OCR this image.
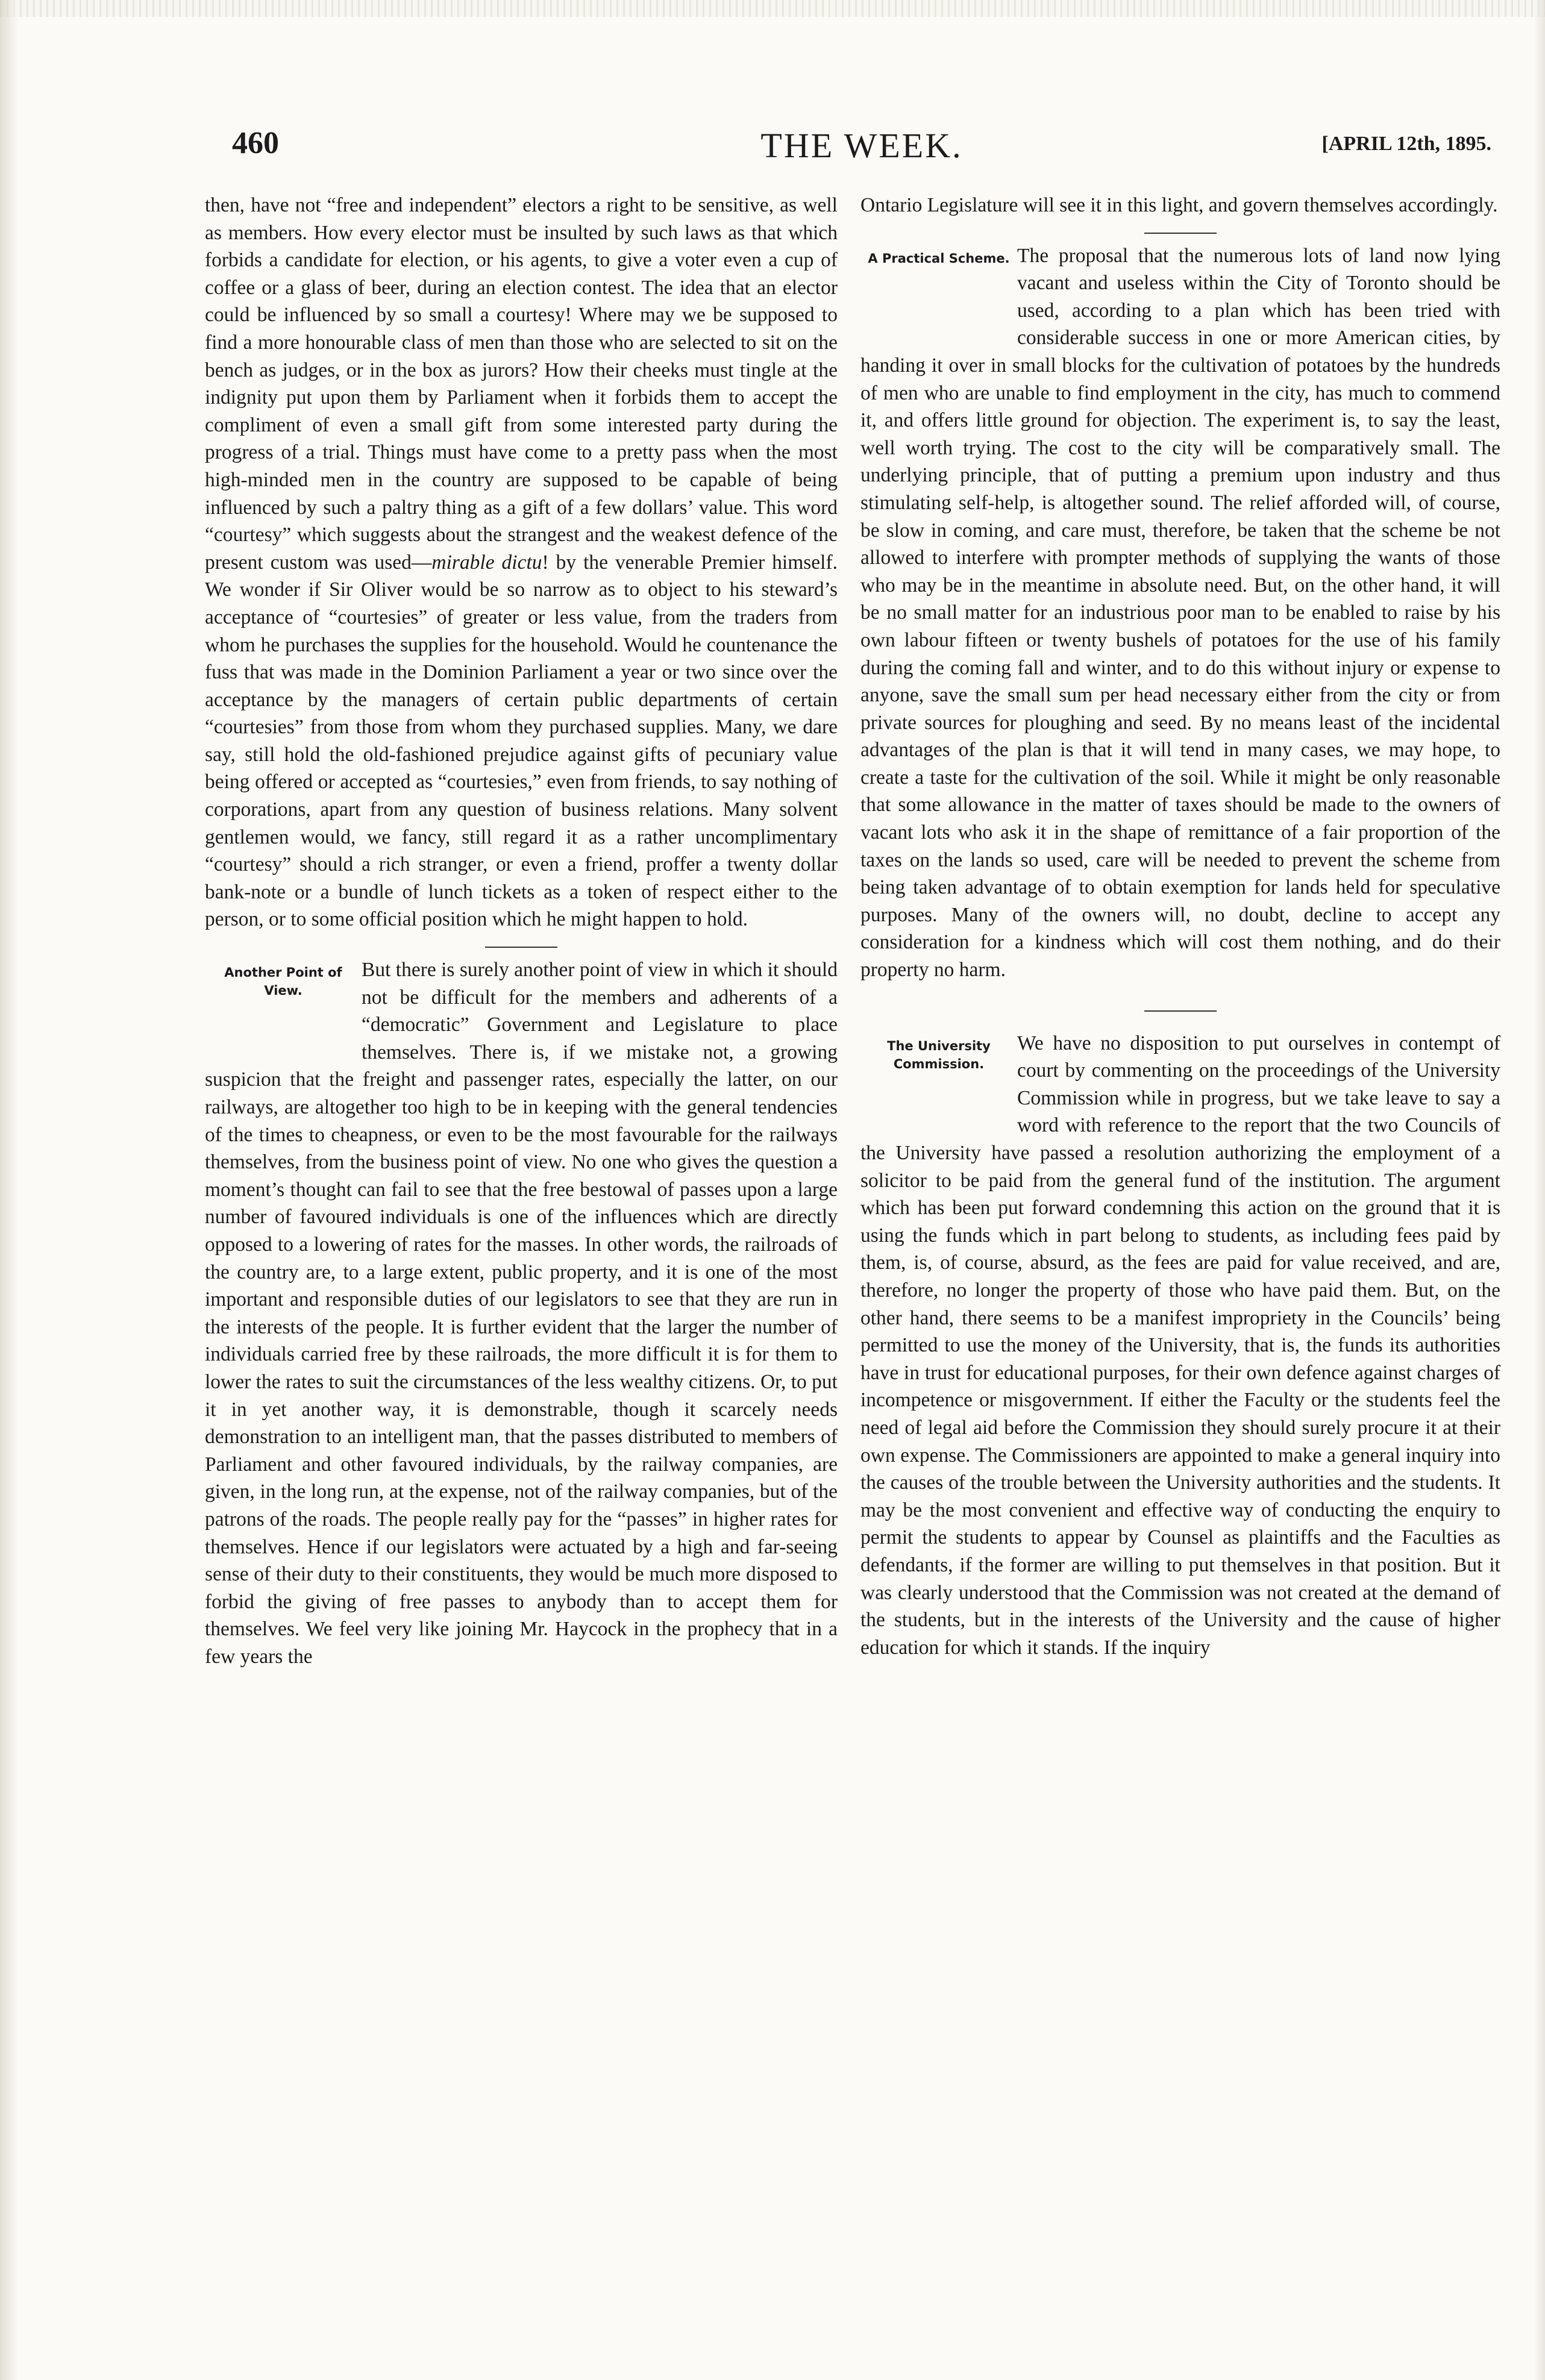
460	THE WEEK.	[APRIL 12th, 1895.

then, have not “free and independent” electors a right to be sensitive, as well as members. How every elector must be insulted by such laws as that which forbids a candidate for election, or his agents, to give a voter even a cup of coffee or a glass of beer, during an election contest. The idea that an elector could be influenced by so small a courtesy! Where may we be supposed to find a more honourable class of men than those who are selected to sit on the bench as judges, or in the box as jurors? How their cheeks must tingle at the indignity put upon them by Parliament when it forbids them to accept the compliment of even a small gift from some interested party during the progress of a trial. Things must have come to a pretty pass when the most high-minded men in the country are supposed to be capable of being influenced by such a paltry thing as a gift of a few dollars’ value. This word “courtesy” which suggests about the strangest and the weakest defence of the present custom was used—mirable dictu! by the venerable Premier himself. We wonder if Sir Oliver would be so narrow as to object to his steward’s acceptance of “courtesies” of greater or less value, from the traders from whom he purchases the supplies for the household. Would he countenance the fuss that was made in the Dominion Parliament a year or two since over the acceptance by the managers of certain public departments of certain “courtesies” from those from whom they purchased supplies. Many, we dare say, still hold the old-fashioned prejudice against gifts of pecuniary value being offered or accepted as “courtesies,” even from friends, to say nothing of corporations, apart from any question of business relations. Many solvent gentlemen would, we fancy, still regard it as a rather uncomplimentary “courtesy” should a rich stranger, or even a friend, proffer a twenty dollar bank-note or a bundle of lunch tickets as a token of respect either to the person, or to some official position which he might happen to hold.

Another Point of View.

But there is surely another point of view in which it should not be difficult for the members and adherents of a “democratic” Government and Legislature to place themselves. There is, if we mistake not, a growing suspicion that the freight and passenger rates, especially the latter, on our railways, are altogether too high to be in keeping with the general tendencies of the times to cheapness, or even to be the most favourable for the railways themselves, from the business point of view. No one who gives the question a moment’s thought can fail to see that the free bestowal of passes upon a large number of favoured individuals is one of the influences which are directly opposed to a lowering of rates for the masses. In other words, the railroads of the country are, to a large extent, public property, and it is one of the most important and responsible duties of our legislators to see that they are run in the interests of the people. It is further evident that the larger the number of individuals carried free by these railroads, the more difficult it is for them to lower the rates to suit the circumstances of the less wealthy citizens. Or, to put it in yet another way, it is demonstrable, though it scarcely needs demonstration to an intelligent man, that the passes distributed to members of Parliament and other favoured individuals, by the railway companies, are given, in the long run, at the expense, not of the railway companies, but of the patrons of the roads. The people really pay for the “passes” in higher rates for themselves. Hence if our legislators were actuated by a high and far-seeing sense of their duty to their constituents, they would be much more disposed to forbid the giving of free passes to anybody than to accept them for themselves. We feel very like joining Mr. Haycock in the prophecy that in a few years the

Ontario Legislature will see it in this light, and govern themselves accordingly.

A Practical Scheme. The proposal that the numerous lots of land now lying vacant and useless within the City of Toronto should be used, according to a plan which has been tried with considerable success in one or more American cities, by handing it over in small blocks for the cultivation of potatoes by the hundreds of men who are unable to find employment in the city, has much to commend it, and offers little ground for objection. The experiment is, to say the least, well worth trying. The cost to the city will be comparatively small. The underlying principle, that of putting a premium upon industry and thus stimulating self-help, is altogether sound. The relief afforded will, of course, be slow in coming, and care must, therefore, be taken that the scheme be not allowed to interfere with prompter methods of supplying the wants of those who may be in the meantime in absolute need. But, on the other hand, it will be no small matter for an industrious poor man to be enabled to raise by his own labour fifteen or twenty bushels of potatoes for the use of his family during the coming fall and winter, and to do this without injury or expense to anyone, save the small sum per head necessary either from the city or from private sources for ploughing and seed. By no means least of the incidental advantages of the plan is that it will tend in many cases, we may hope, to create a taste for the cultivation of the soil. While it might be only reasonable that some allowance in the matter of taxes should be made to the owners of vacant lots who ask it in the shape of remittance of a fair proportion of the taxes on the lands so used, care will be needed to prevent the scheme from being taken advantage of to obtain exemption for lands held for speculative purposes. Many of the owners will, no doubt, decline to accept any consideration for a kindness which will cost them nothing, and do their property no harm.

The University Commission.

We have no disposition to put ourselves in contempt of court by commenting on the proceedings of the University Commission while in progress, but we take leave to say a word with reference to the report that the two Councils of the University have passed a resolution authorizing the employment of a solicitor to be paid from the general fund of the institution. The argument which has been put forward condemning this action on the ground that it is using the funds which in part belong to students, as including fees paid by them, is, of course, absurd, as the fees are paid for value received, and are, therefore, no longer the property of those who have paid them. But, on the other hand, there seems to be a manifest impropriety in the Councils’ being permitted to use the money of the University, that is, the funds its authorities have in trust for educational purposes, for their own defence against charges of incompetence or misgovernment. If either the Faculty or the students feel the need of legal aid before the Commission they should surely procure it at their own expense. The Commissioners are appointed to make a general inquiry into the causes of the trouble between the University authorities and the students. It may be the most convenient and effective way of conducting the enquiry to permit the students to appear by Counsel as plaintiffs and the Faculties as defendants, if the former are willing to put themselves in that position. But it was clearly understood that the Commission was not created at the demand of the students, but in the interests of the University and the cause of higher education for which it stands. If the inquiry
